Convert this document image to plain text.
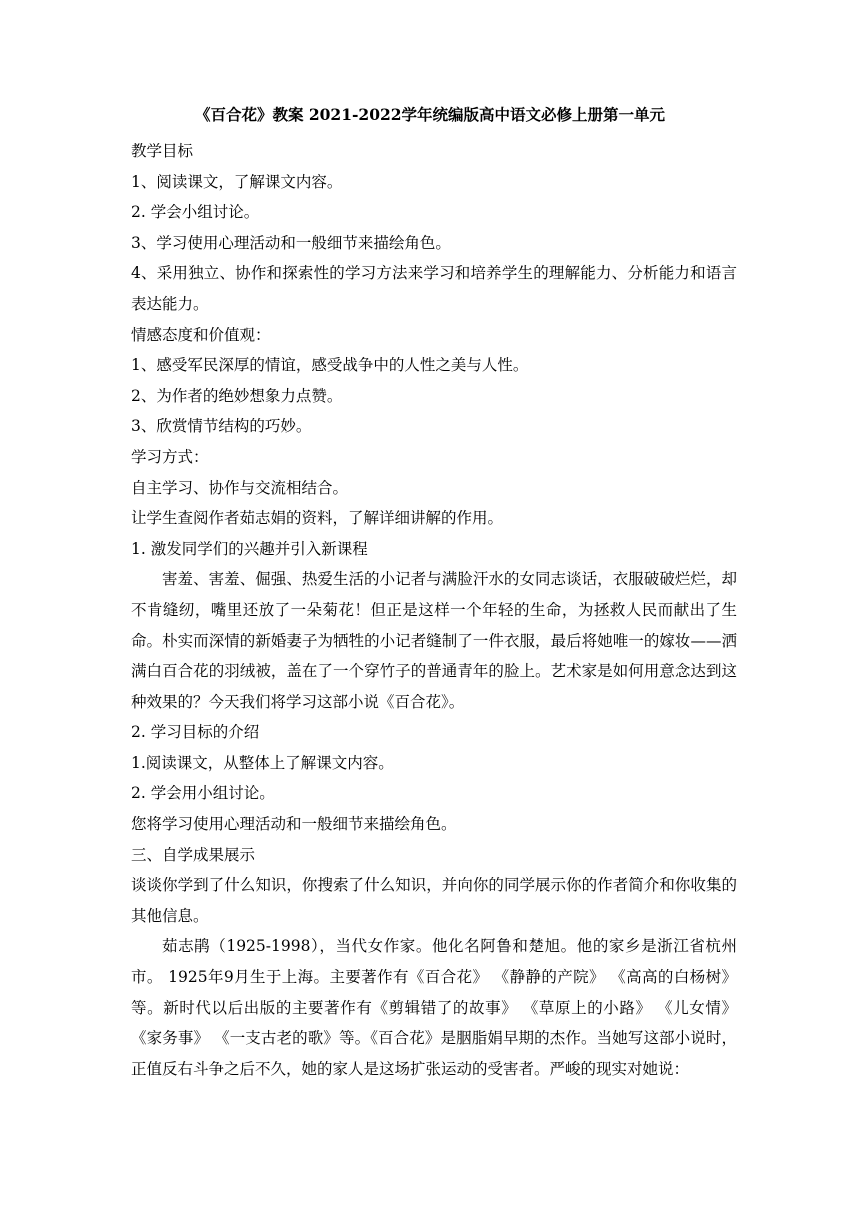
《百合花》教案 2021-2022学年统编版高中语文必修上册第一单元

教学目标

1、阅读课文，了解课文内容。

2. 学会小组讨论。

3、学习使用心理活动和一般细节来描绘角色。

4、采用独立、协作和探索性的学习方法来学习和培养学生的理解能力、分析能力和语言表达能力。

情感态度和价值观：

1、感受军民深厚的情谊，感受战争中的人性之美与人性。

2、为作者的绝妙想象力点赞。

3、欣赏情节结构的巧妙。

学习方式：

自主学习、协作与交流相结合。

让学生查阅作者茹志娟的资料，了解详细讲解的作用。

1. 激发同学们的兴趣并引入新课程

害羞、害羞、倔强、热爱生活的小记者与满脸汗水的女同志谈话，衣服破破烂烂，却不肯缝纫，嘴里还放了一朵菊花！但正是这样一个年轻的生命，为拯救人民而献出了生命。朴实而深情的新婚妻子为牺牲的小记者缝制了一件衣服，最后将她唯一的嫁妆——洒满白百合花的羽绒被，盖在了一个穿竹子的普通青年的脸上。艺术家是如何用意念达到这种效果的？今天我们将学习这部小说《百合花》。

2. 学习目标的介绍

1.阅读课文，从整体上了解课文内容。

2. 学会用小组讨论。

您将学习使用心理活动和一般细节来描绘角色。

三、自学成果展示

谈谈你学到了什么知识，你搜索了什么知识，并向你的同学展示你的作者简介和你收集的其他信息。

茹志鹃（1925-1998），当代女作家。他化名阿鲁和楚旭。他的家乡是浙江省杭州市。 1925年9月生于上海。主要著作有《百合花》 《静静的产院》 《高高的白杨树》等。新时代以后出版的主要著作有《剪辑错了的故事》 《草原上的小路》 《儿女情》 《家务事》 《一支古老的歌》等。《百合花》是胭脂娟早期的杰作。当她写这部小说时，正值反右斗争之后不久，她的家人是这场扩张运动的受害者。严峻的现实对她说：
